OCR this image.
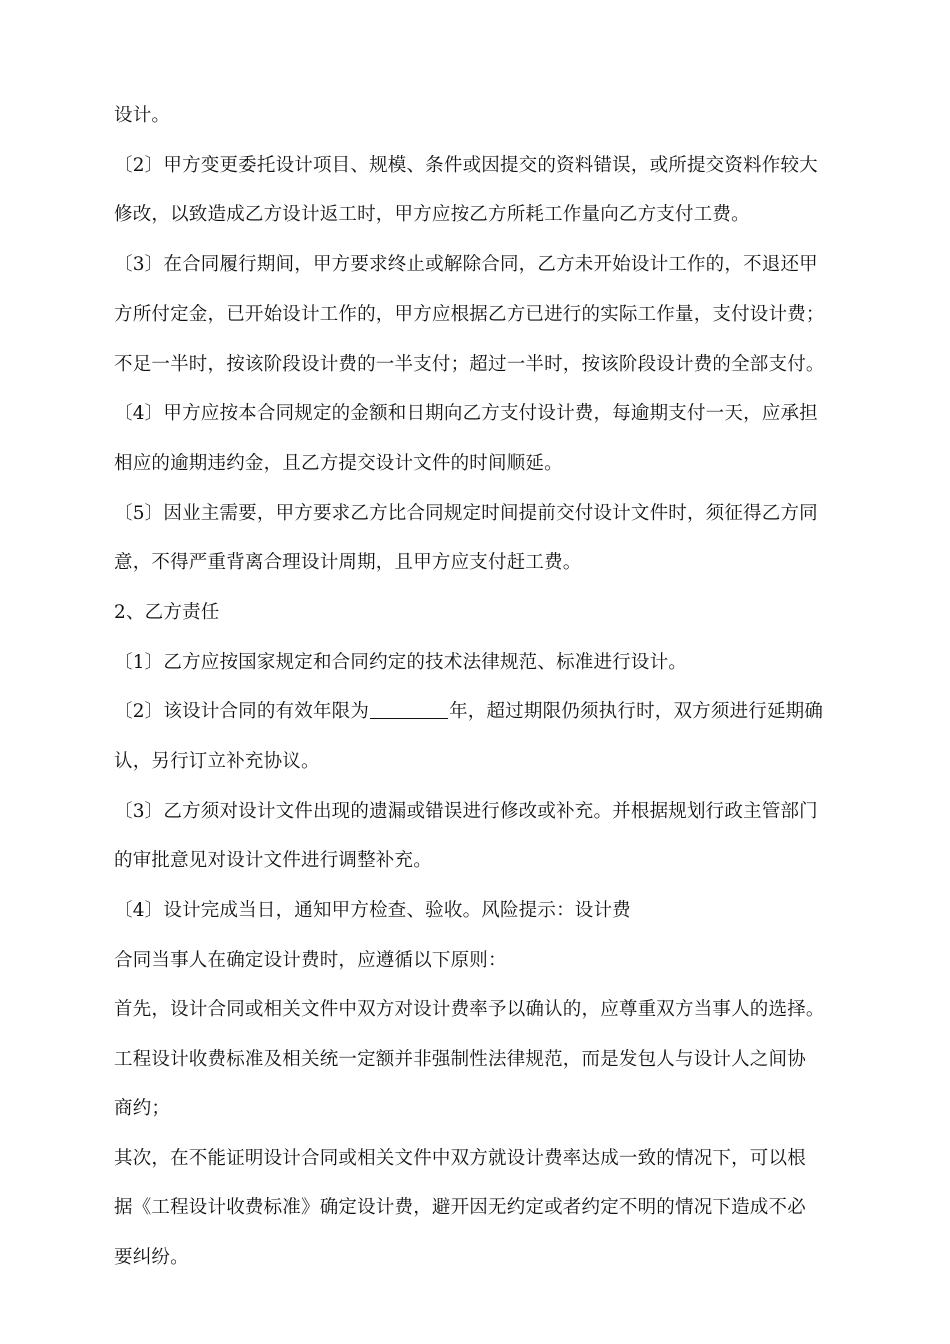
设计。
〔2〕甲方变更委托设计项目、规模、条件或因提交的资料错误，或所提交资料作较大
修改，以致造成乙方设计返工时，甲方应按乙方所耗工作量向乙方支付工费。
〔3〕在合同履行期间，甲方要求终止或解除合同，乙方未开始设计工作的，不退还甲
方所付定金，已开始设计工作的，甲方应根据乙方已进行的实际工作量，支付设计费；
不足一半时，按该阶段设计费的一半支付；超过一半时，按该阶段设计费的全部支付。
〔4〕甲方应按本合同规定的金额和日期向乙方支付设计费，每逾期支付一天，应承担
相应的逾期违约金，且乙方提交设计文件的时间顺延。
〔5〕因业主需要，甲方要求乙方比合同规定时间提前交付设计文件时，须征得乙方同
意，不得严重背离合理设计周期，且甲方应支付赶工费。
2、乙方责任
〔1〕乙方应按国家规定和合同约定的技术法律规范、标准进行设计。
〔2〕该设计合同的有效年限为	年，超过期限仍须执行时，双方须进行延期确
认，另行订立补充协议。
〔3〕乙方须对设计文件出现的遗漏或错误进行修改或补充。并根据规划行政主管部门
的审批意见对设计文件进行调整补充。
〔4〕设计完成当日，通知甲方检查、验收。风险提示：设计费
合同当事人在确定设计费时，应遵循以下原则：
首先，设计合同或相关文件中双方对设计费率予以确认的，应尊重双方当事人的选择。
工程设计收费标准及相关统一定额并非强制性法律规范，而是发包人与设计人之间协
商约；
其次，在不能证明设计合同或相关文件中双方就设计费率达成一致的情况下，可以根
据《工程设计收费标准》确定设计费，避开因无约定或者约定不明的情况下造成不必
要纠纷。
